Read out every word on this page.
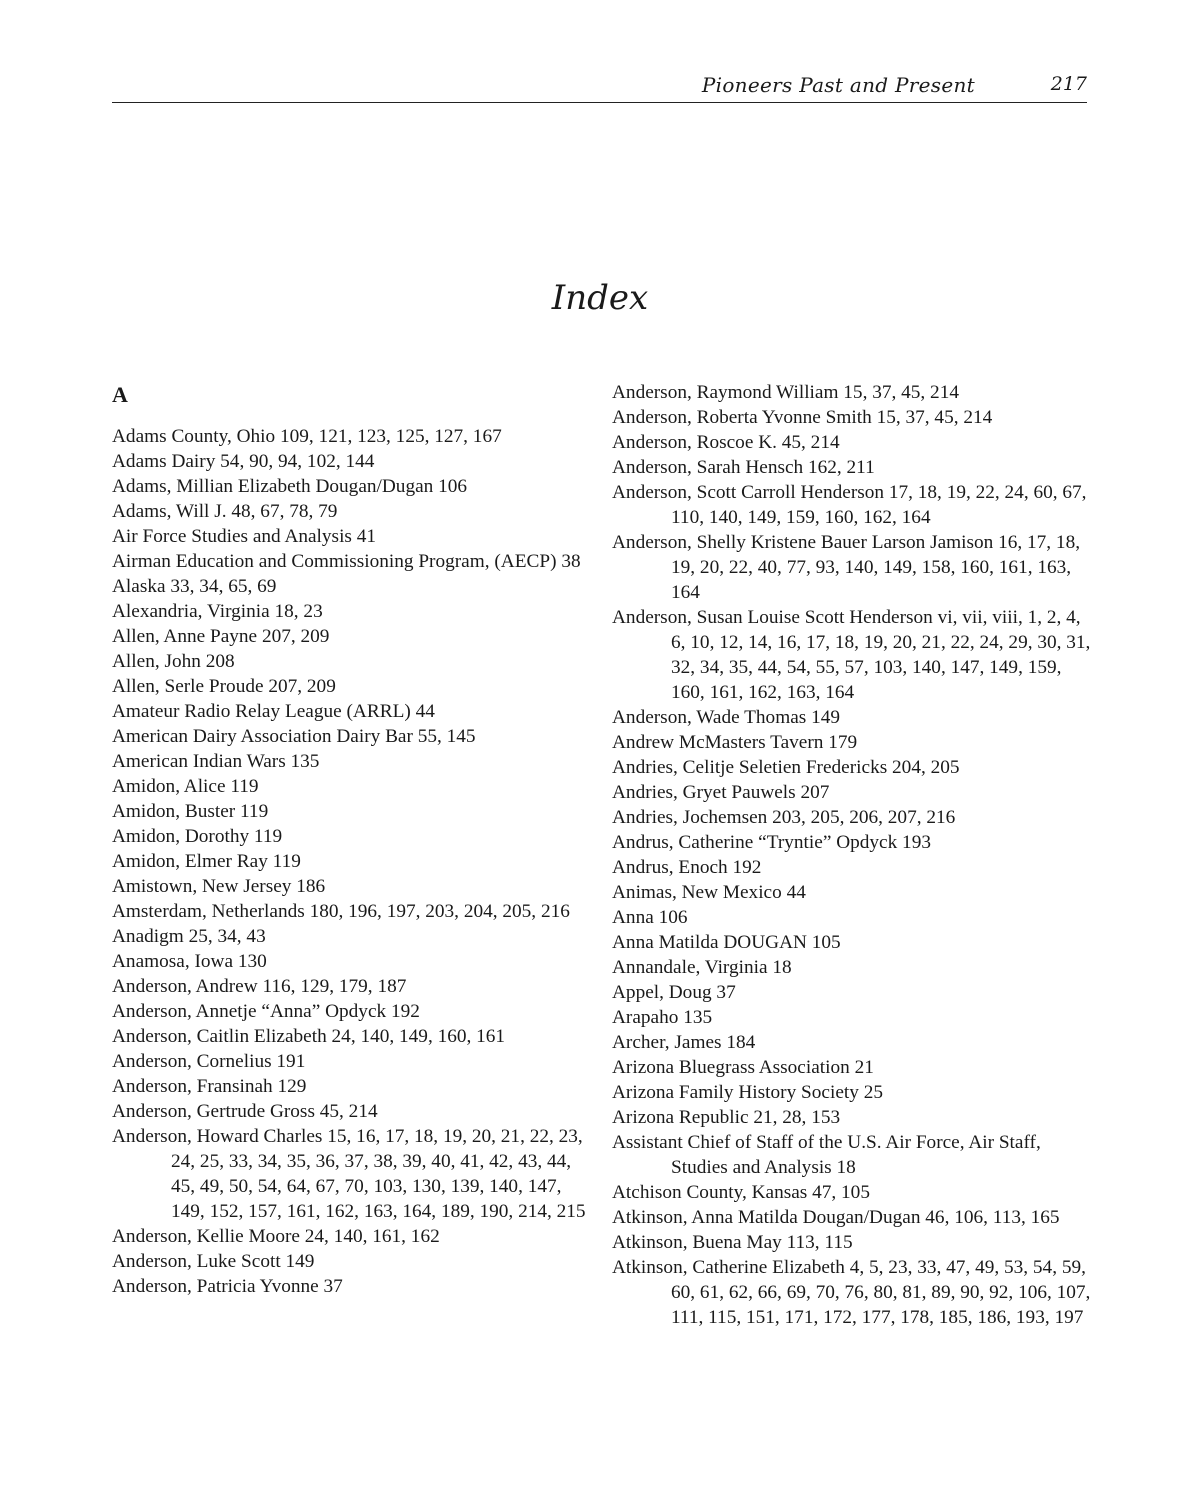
Pioneers Past and Present	217
Index
A
Adams County, Ohio 109, 121, 123, 125, 127, 167
Adams Dairy 54, 90, 94, 102, 144
Adams, Millian Elizabeth Dougan/Dugan 106
Adams, Will J. 48, 67, 78, 79
Air Force Studies and Analysis 41
Airman Education and Commissioning Program, (AECP) 38
Alaska 33, 34, 65, 69
Alexandria, Virginia 18, 23
Allen, Anne Payne 207, 209
Allen, John 208
Allen, Serle Proude 207, 209
Amateur Radio Relay League (ARRL) 44
American Dairy Association Dairy Bar 55, 145
American Indian Wars 135
Amidon, Alice 119
Amidon, Buster 119
Amidon, Dorothy 119
Amidon, Elmer Ray 119
Amistown, New Jersey 186
Amsterdam, Netherlands 180, 196, 197, 203, 204, 205, 216
Anadigm 25, 34, 43
Anamosa, Iowa 130
Anderson, Andrew 116, 129, 179, 187
Anderson, Annetje “Anna” Opdyck 192
Anderson, Caitlin Elizabeth 24, 140, 149, 160, 161
Anderson, Cornelius 191
Anderson, Fransinah 129
Anderson, Gertrude Gross 45, 214
Anderson, Howard Charles 15, 16, 17, 18, 19, 20, 21, 22, 23, 24, 25, 33, 34, 35, 36, 37, 38, 39, 40, 41, 42, 43, 44, 45, 49, 50, 54, 64, 67, 70, 103, 130, 139, 140, 147, 149, 152, 157, 161, 162, 163, 164, 189, 190, 214, 215
Anderson, Kellie Moore 24, 140, 161, 162
Anderson, Luke Scott 149
Anderson, Patricia Yvonne 37
Anderson, Raymond William 15, 37, 45, 214
Anderson, Roberta Yvonne Smith 15, 37, 45, 214
Anderson, Roscoe K. 45, 214
Anderson, Sarah Hensch 162, 211
Anderson, Scott Carroll Henderson 17, 18, 19, 22, 24, 60, 67, 110, 140, 149, 159, 160, 162, 164
Anderson, Shelly Kristene Bauer Larson Jamison 16, 17, 18, 19, 20, 22, 40, 77, 93, 140, 149, 158, 160, 161, 163, 164
Anderson, Susan Louise Scott Henderson vi, vii, viii, 1, 2, 4, 6, 10, 12, 14, 16, 17, 18, 19, 20, 21, 22, 24, 29, 30, 31, 32, 34, 35, 44, 54, 55, 57, 103, 140, 147, 149, 159, 160, 161, 162, 163, 164
Anderson, Wade Thomas 149
Andrew McMasters Tavern 179
Andries, Celitje Seletien Fredericks 204, 205
Andries, Gryet Pauwels 207
Andries, Jochemsen 203, 205, 206, 207, 216
Andrus, Catherine “Tryntie” Opdyck 193
Andrus, Enoch 192
Animas, New Mexico 44
Anna 106
Anna Matilda DOUGAN 105
Annandale, Virginia 18
Appel, Doug 37
Arapaho 135
Archer, James 184
Arizona Bluegrass Association 21
Arizona Family History Society 25
Arizona Republic 21, 28, 153
Assistant Chief of Staff of the U.S. Air Force, Air Staff, Studies and Analysis 18
Atchison County, Kansas 47, 105
Atkinson, Anna Matilda Dougan/Dugan 46, 106, 113, 165
Atkinson, Buena May 113, 115
Atkinson, Catherine Elizabeth 4, 5, 23, 33, 47, 49, 53, 54, 59, 60, 61, 62, 66, 69, 70, 76, 80, 81, 89, 90, 92, 106, 107, 111, 115, 151, 171, 172, 177, 178, 185, 186, 193, 197
